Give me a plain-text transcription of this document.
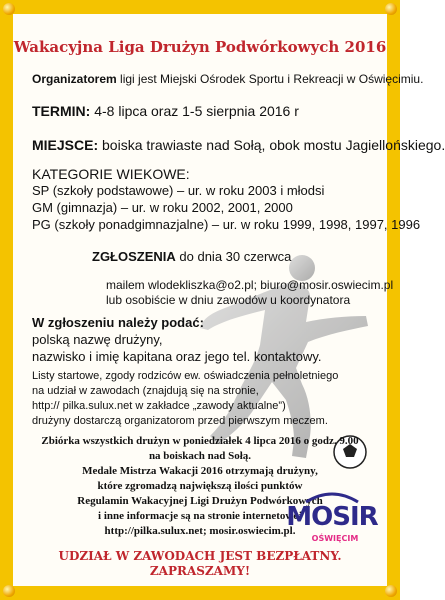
Wakacyjna Liga Drużyn Podwórkowych 2016
Organizatorem ligi jest Miejski Ośrodek Sportu i Rekreacji w Oświęcimiu.
TERMIN: 4-8 lipca oraz 1-5 sierpnia 2016 r
MIEJSCE: boiska trawiaste nad Sołą, obok mostu Jagiellońskiego.
KATEGORIE WIEKOWE:
SP (szkoły podstawowe) – ur. w roku 2003 i młodsi
GM (gimnazja) – ur. w roku 2002, 2001, 2000
PG (szkoły ponadgimnazjalne) – ur. w roku 1999, 1998, 1997, 1996
ZGŁOSZENIA do dnia 30 czerwca
mailem wlodekliszka@o2.pl; biuro@mosir.oswiecim.pl
lub osobiście w dniu zawodów u koordynatora
W zgłoszeniu należy podać:
polską nazwę drużyny,
nazwisko i imię kapitana oraz jego tel. kontaktowy.
Listy startowe, zgody rodziców ew. oświadczenia pełnoletniego
na udział w zawodach (znajdują się na stronie,
http:// pilka.sulux.net w zakładce „zawody aktualne”)
drużyny dostarczą organizatorom przed pierwszym meczem.
Zbiórka wszystkich drużyn w poniedziałek 4 lipca 2016 o godz. 9.00
na boiskach nad Sołą.
Medale Mistrza Wakacji 2016 otrzymają drużyny,
które zgromadzą największą ilości punktów
Regulamin Wakacyjnej Ligi Drużyn Podwórkowych
i inne informacje są na stronie internetowej
http://pilka.sulux.net; mosir.oswiecim.pl.
UDZIAŁ W ZAWODACH JEST BEZPŁATNY.
ZAPRASZAMY!
MOSIR
OŚWIĘCIM
